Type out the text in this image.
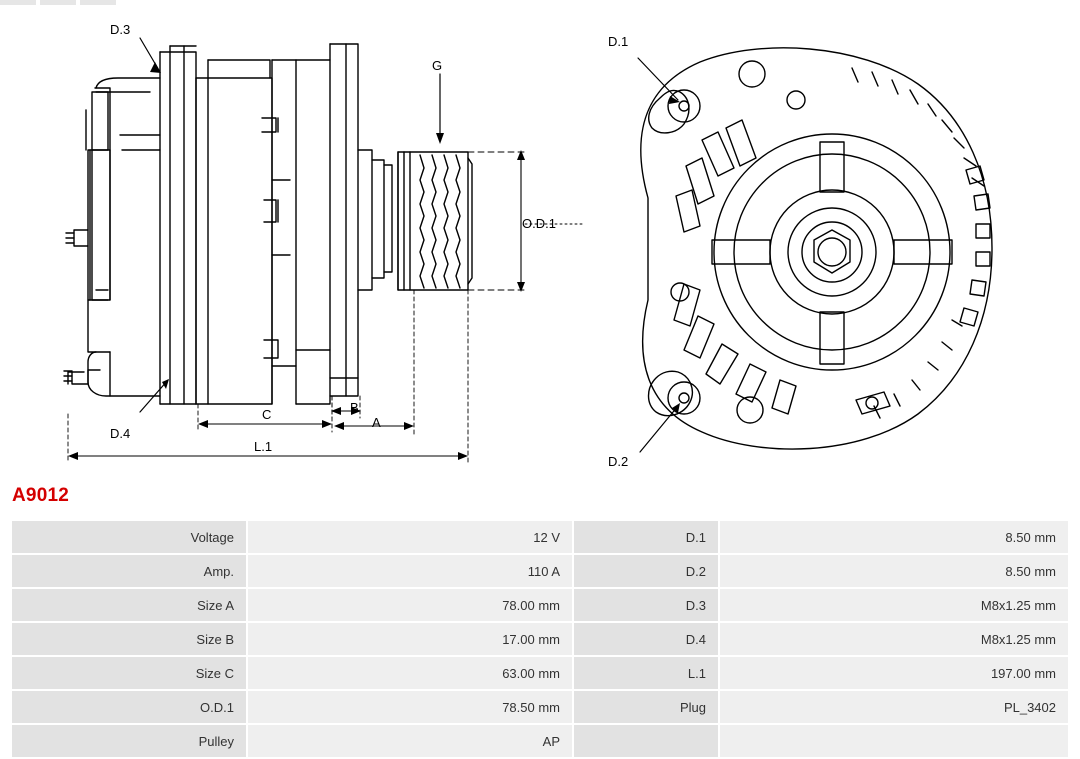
D.3
G
O.D.1
D.4
C	B
A
L.1
D.1
D.2
A9012
Voltage	12 V	D.1	8.50 mm
Amp.	110 A	D.2	8.50 mm
Size A	78.00 mm	D.3	M8x1.25 mm
Size B	17.00 mm	D.4	M8x1.25 mm
Size C	63.00 mm	L.1	197.00 mm
O.D.1	78.50 mm	Plug	PL_3402
Pulley	AP		
